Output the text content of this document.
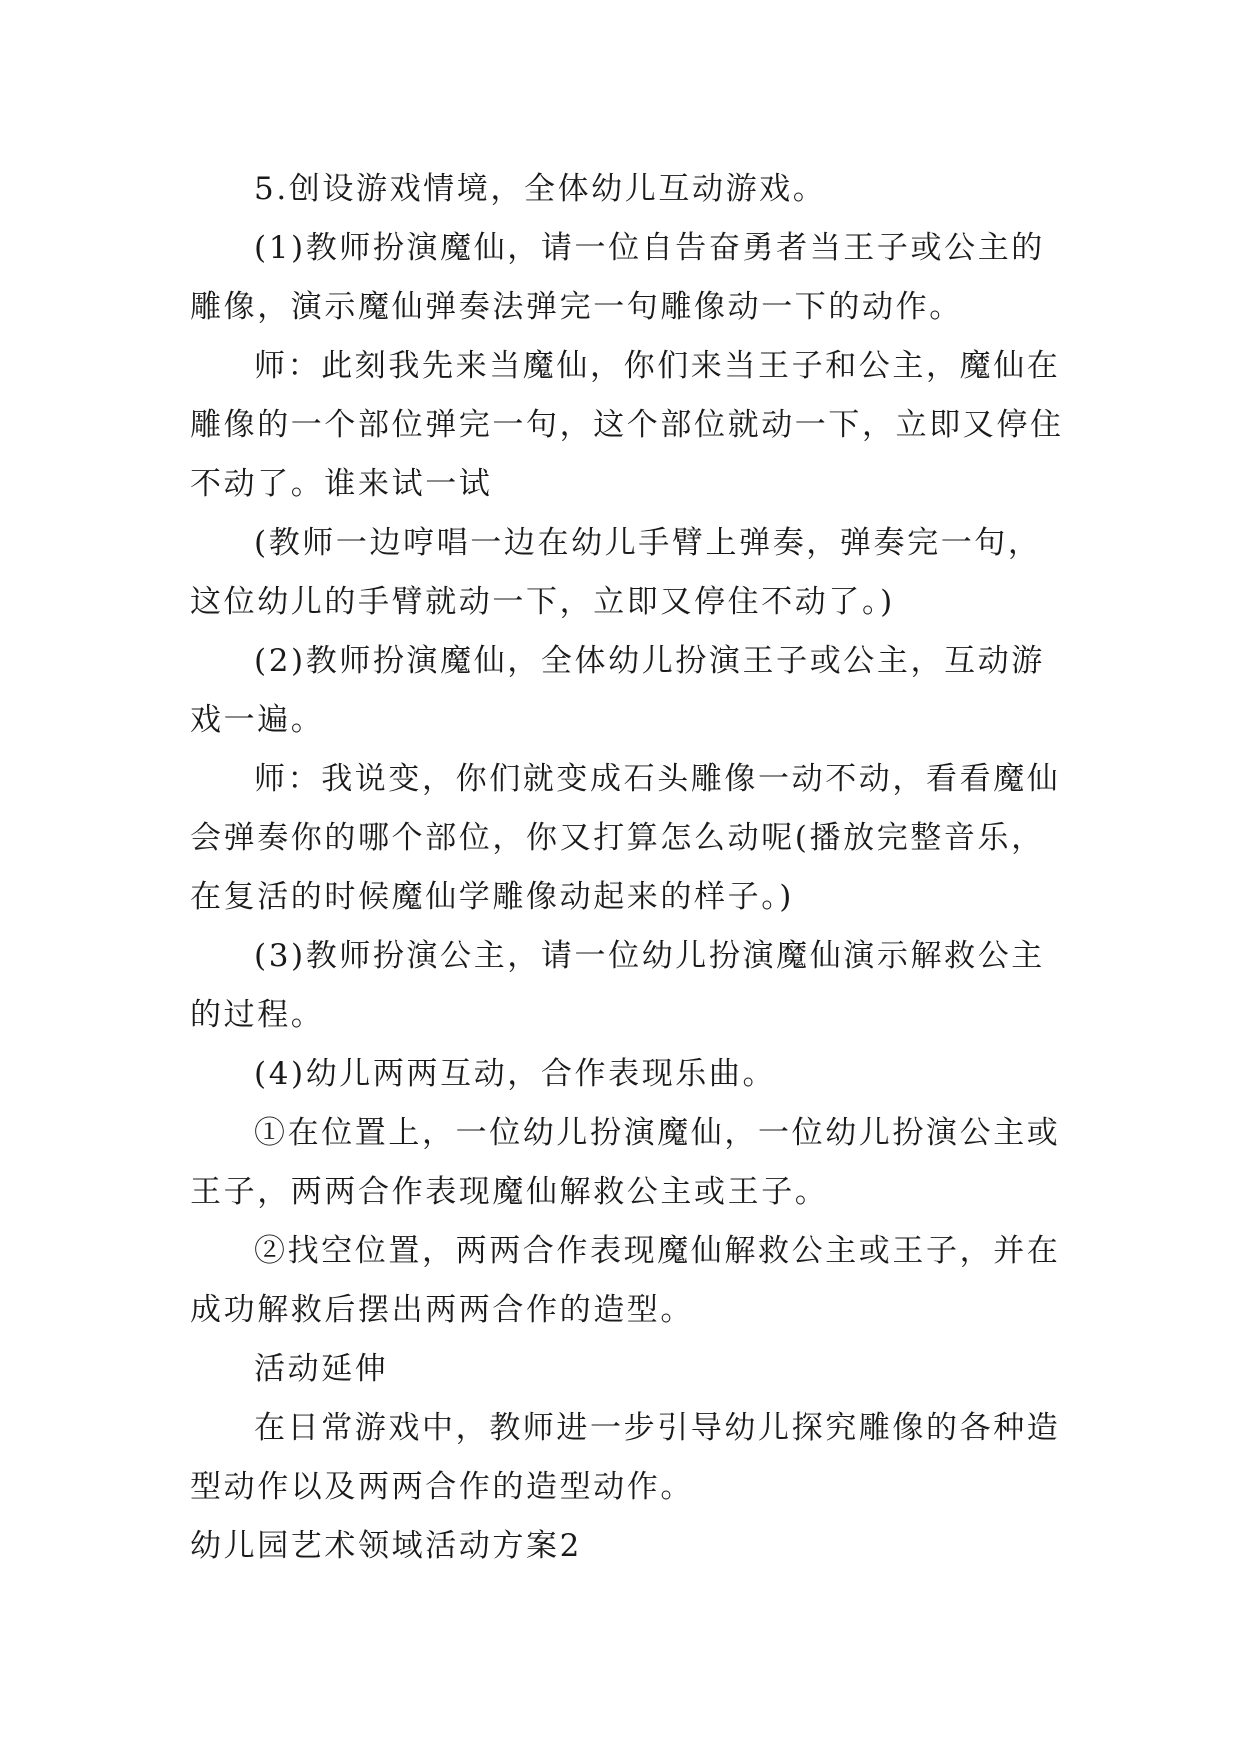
5.创设游戏情境，全体幼儿互动游戏。
(1)教师扮演魔仙，请一位自告奋勇者当王子或公主的
雕像，演示魔仙弹奏法弹完一句雕像动一下的动作。
师：此刻我先来当魔仙，你们来当王子和公主，魔仙在
雕像的一个部位弹完一句，这个部位就动一下，立即又停住
不动了。谁来试一试
(教师一边哼唱一边在幼儿手臂上弹奏，弹奏完一句，
这位幼儿的手臂就动一下，立即又停住不动了。)
(2)教师扮演魔仙，全体幼儿扮演王子或公主，互动游
戏一遍。
师：我说变，你们就变成石头雕像一动不动，看看魔仙
会弹奏你的哪个部位，你又打算怎么动呢(播放完整音乐，
在复活的时候魔仙学雕像动起来的样子。)
(3)教师扮演公主，请一位幼儿扮演魔仙演示解救公主
的过程。
(4)幼儿两两互动，合作表现乐曲。
①在位置上，一位幼儿扮演魔仙，一位幼儿扮演公主或
王子，两两合作表现魔仙解救公主或王子。
②找空位置，两两合作表现魔仙解救公主或王子，并在
成功解救后摆出两两合作的造型。
活动延伸
在日常游戏中，教师进一步引导幼儿探究雕像的各种造
型动作以及两两合作的造型动作。
幼儿园艺术领域活动方案2
